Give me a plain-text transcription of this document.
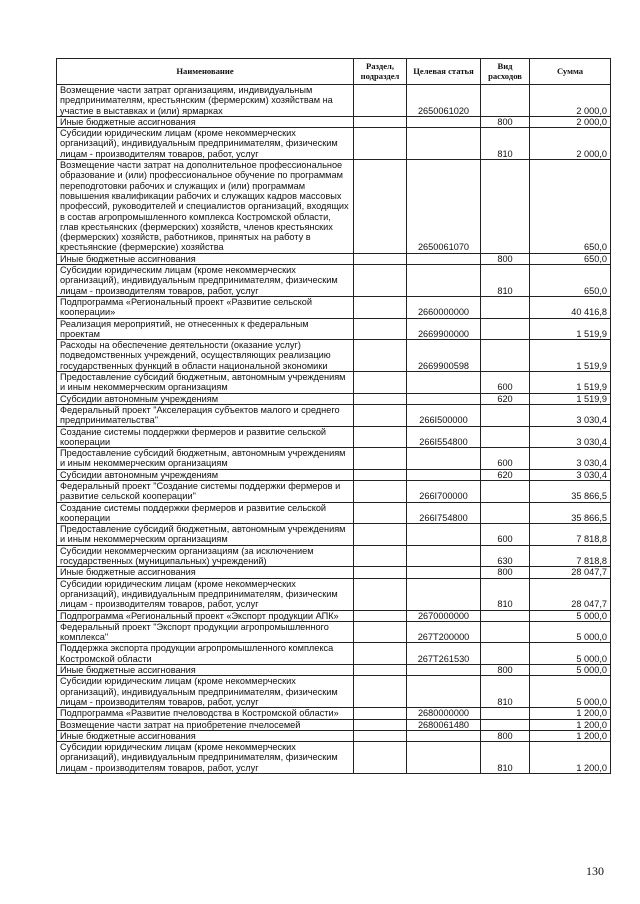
Наименование	Раздел, подраздел	Целевая статья	Вид расходов	Сумма
Возмещение части затрат организациям, индивидуальным предпринимателям, крестьянским (фермерским) хозяйствам на участие в выставках и (или) ярмарках		2650061020		2 000,0
Иные бюджетные ассигнования			800	2 000,0
Субсидии юридическим лицам (кроме некоммерческих организаций), индивидуальным предпринимателям, физическим лицам - производителям товаров, работ, услуг			810	2 000,0
Возмещение части затрат на дополнительное профессиональное образование и (или) профессиональное обучение по программам переподготовки рабочих и служащих и (или) программам повышения квалификации рабочих и служащих кадров массовых профессий, руководителей и специалистов организаций, входящих в состав агропромышленного комплекса Костромской области, глав крестьянских (фермерских) хозяйств, членов крестьянских (фермерских) хозяйств, работников, принятых на работу в крестьянские (фермерские) хозяйства		2650061070		650,0
Иные бюджетные ассигнования			800	650,0
Субсидии юридическим лицам (кроме некоммерческих организаций), индивидуальным предпринимателям, физическим лицам - производителям товаров, работ, услуг			810	650,0
Подпрограмма «Региональный проект «Развитие сельской кооперации»		2660000000		40 416,8
Реализация мероприятий, не отнесенных к федеральным проектам		2669900000		1 519,9
Расходы на обеспечение деятельности (оказание услуг) подведомственных учреждений, осуществляющих реализацию государственных функций в области национальной экономики		2669900598		1 519,9
Предоставление субсидий бюджетным, автономным учреждениям и иным некоммерческим организациям			600	1 519,9
Субсидии автономным учреждениям			620	1 519,9
Федеральный проект "Акселерация субъектов малого и среднего предпринимательства"		266I500000		3 030,4
Создание системы поддержки фермеров и развитие сельской кооперации		266I554800		3 030,4
Предоставление субсидий бюджетным, автономным учреждениям и иным некоммерческим организациям			600	3 030,4
Субсидии автономным учреждениям			620	3 030,4
Федеральный проект "Создание системы поддержки фермеров и развитие сельской кооперации"		266I700000		35 866,5
Создание системы поддержки фермеров и развитие сельской кооперации		266I754800		35 866,5
Предоставление субсидий бюджетным, автономным учреждениям и иным некоммерческим организациям			600	7 818,8
Субсидии некоммерческим организациям (за исключением государственных (муниципальных) учреждений)			630	7 818,8
Иные бюджетные ассигнования			800	28 047,7
Субсидии юридическим лицам (кроме некоммерческих организаций), индивидуальным предпринимателям, физическим лицам - производителям товаров, работ, услуг			810	28 047,7
Подпрограмма «Региональный проект «Экспорт продукции АПК»		2670000000		5 000,0
Федеральный проект "Экспорт продукции агропромышленного комплекса"		267T200000		5 000,0
Поддержка экспорта продукции агропромышленного комплекса Костромской области		267T261530		5 000,0
Иные бюджетные ассигнования			800	5 000,0
Субсидии юридическим лицам (кроме некоммерческих организаций), индивидуальным предпринимателям, физическим лицам - производителям товаров, работ, услуг			810	5 000,0
Подпрограмма «Развитие пчеловодства в Костромской области»		2680000000		1 200,0
Возмещение части затрат на приобретение пчелосемей		2680061480		1 200,0
Иные бюджетные ассигнования			800	1 200,0
Субсидии юридическим лицам (кроме некоммерческих организаций), индивидуальным предпринимателям, физическим лицам - производителям товаров, работ, услуг			810	1 200,0
130
